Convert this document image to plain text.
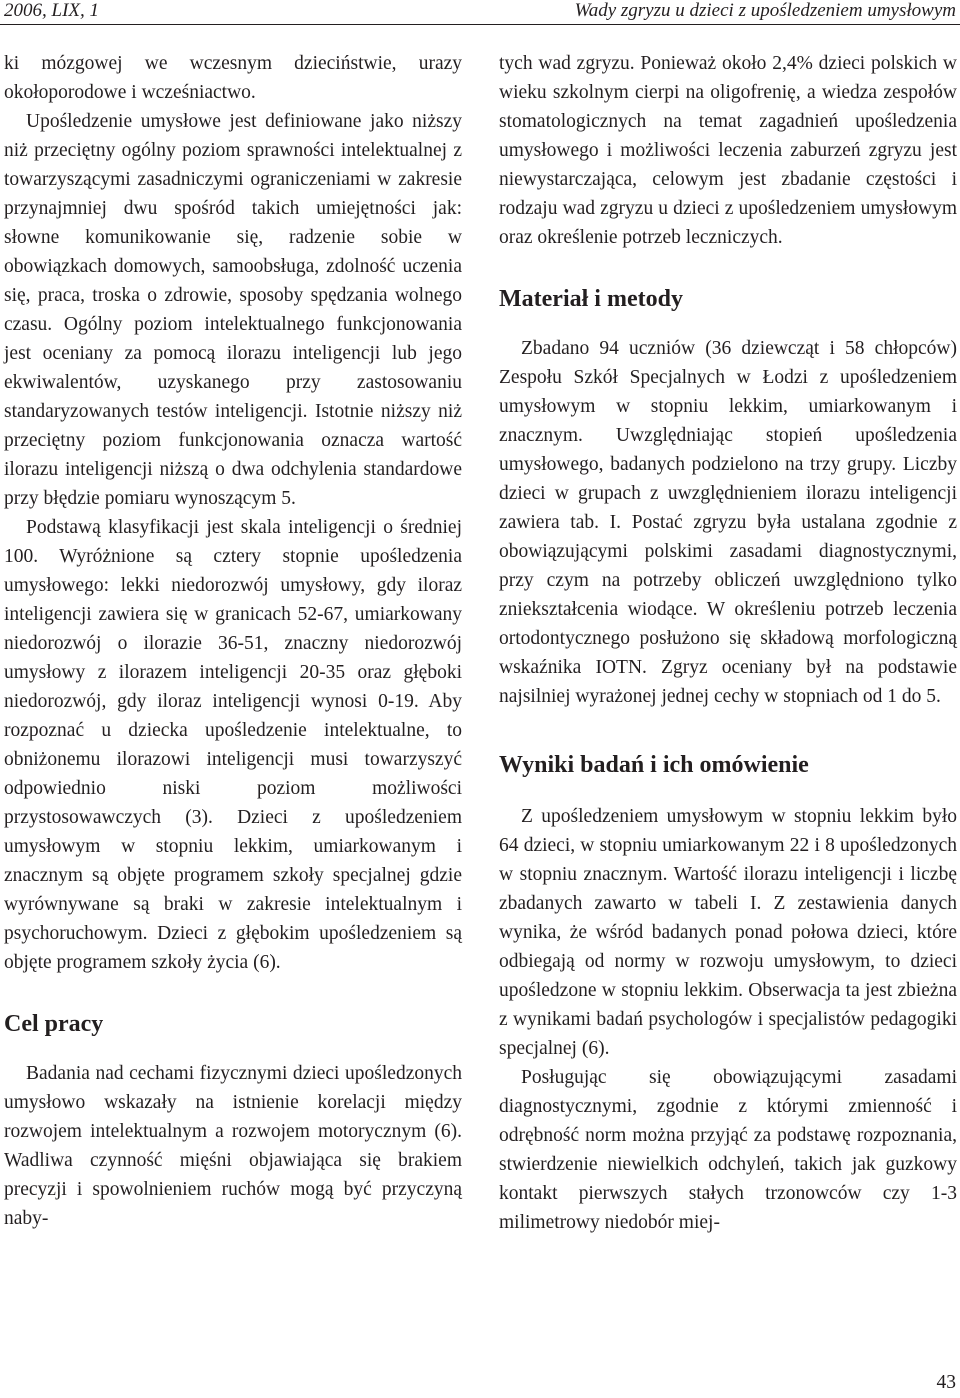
2006, LIX, 1	Wady zgryzu u dzieci z upośledzeniem umysłowym

ki mózgowej we wczesnym dzieciństwie, urazy okołoporodowe i wcześniactwo.

Upośledzenie umysłowe jest definiowane jako niższy niż przeciętny ogólny poziom sprawności intelektualnej z towarzyszącymi zasadniczymi ograniczeniami w zakresie przynajmniej dwu spośród takich umiejętności jak: słowne komunikowanie się, radzenie sobie w obowiązkach domowych, samoobsługa, zdolność uczenia się, praca, troska o zdrowie, sposoby spędzania wolnego czasu. Ogólny poziom intelektualnego funkcjonowania jest oceniany za pomocą ilorazu inteligencji lub jego ekwiwalentów, uzyskanego przy zastosowaniu standaryzowanych testów inteligencji. Istotnie niższy niż przeciętny poziom funkcjonowania oznacza wartość ilorazu inteligencji niższą o dwa odchylenia standardowe przy błędzie pomiaru wynoszącym 5.

Podstawą klasyfikacji jest skala inteligencji o średniej 100. Wyróżnione są cztery stopnie upośledzenia umysłowego: lekki niedorozwój umysłowy, gdy iloraz inteligencji zawiera się w granicach 52-67, umiarkowany niedorozwój o ilorazie 36-51, znaczny niedorozwój umysłowy z ilorazem inteligencji 20-35 oraz głęboki niedorozwój, gdy iloraz inteligencji wynosi 0-19. Aby rozpoznać u dziecka upośledzenie intelektualne, to obniżonemu ilorazowi inteligencji musi towarzyszyć odpowiednio niski poziom możliwości przystosowawczych (3). Dzieci z upośledzeniem umysłowym w stopniu lekkim, umiarkowanym i znacznym są objęte programem szkoły specjalnej gdzie wyrównywane są braki w zakresie intelektualnym i psychoruchowym. Dzieci z głębokim upośledzeniem są objęte programem szkoły życia (6).

Cel pracy

Badania nad cechami fizycznymi dzieci upośledzonych umysłowo wskazały na istnienie korelacji między rozwojem intelektualnym a rozwojem motorycznym (6). Wadliwa czynność mięśni objawiająca się brakiem precyzji i spowolnieniem ruchów mogą być przyczyną naby-

tych wad zgryzu. Ponieważ około 2,4% dzieci polskich w wieku szkolnym cierpi na oligofrenię, a wiedza zespołów stomatologicznych na temat zagadnień upośledzenia umysłowego i możliwości leczenia zaburzeń zgryzu jest niewystarczająca, celowym jest zbadanie częstości i rodzaju wad zgryzu u dzieci z upośledzeniem umysłowym oraz określenie potrzeb leczniczych.

Materiał i metody

Zbadano 94 uczniów (36 dziewcząt i 58 chłopców) Zespołu Szkół Specjalnych w Łodzi z upośledzeniem umysłowym w stopniu lekkim, umiarkowanym i znacznym. Uwzględniając stopień upośledzenia umysłowego, badanych podzielono na trzy grupy. Liczby dzieci w grupach z uwzględnieniem ilorazu inteligencji zawiera tab. I. Postać zgryzu była ustalana zgodnie z obowiązującymi polskimi zasadami diagnostycznymi, przy czym na potrzeby obliczeń uwzględniono tylko zniekształcenia wiodące. W określeniu potrzeb leczenia ortodontycznego posłużono się składową morfologiczną wskaźnika IOTN. Zgryz oceniany był na podstawie najsilniej wyrażonej jednej cechy w stopniach od 1 do 5.

Wyniki badań i ich omówienie

Z upośledzeniem umysłowym w stopniu lekkim było 64 dzieci, w stopniu umiarkowanym 22 i 8 upośledzonych w stopniu znacznym. Wartość ilorazu inteligencji i liczbę zbadanych zawarto w tabeli I. Z zestawienia danych wynika, że wśród badanych ponad połowa dzieci, które odbiegają od normy w rozwoju umysłowym, to dzieci upośledzone w stopniu lekkim. Obserwacja ta jest zbieżna z wynikami badań psychologów i specjalistów pedagogiki specjalnej (6).

Posługując się obowiązującymi zasadami diagnostycznymi, zgodnie z którymi zmienność i odrębność norm można przyjąć za podstawę rozpoznania, stwierdzenie niewielkich odchyleń, takich jak guzkowy kontakt pierwszych stałych trzonowców czy 1-3 milimetrowy niedobór miej-

43
